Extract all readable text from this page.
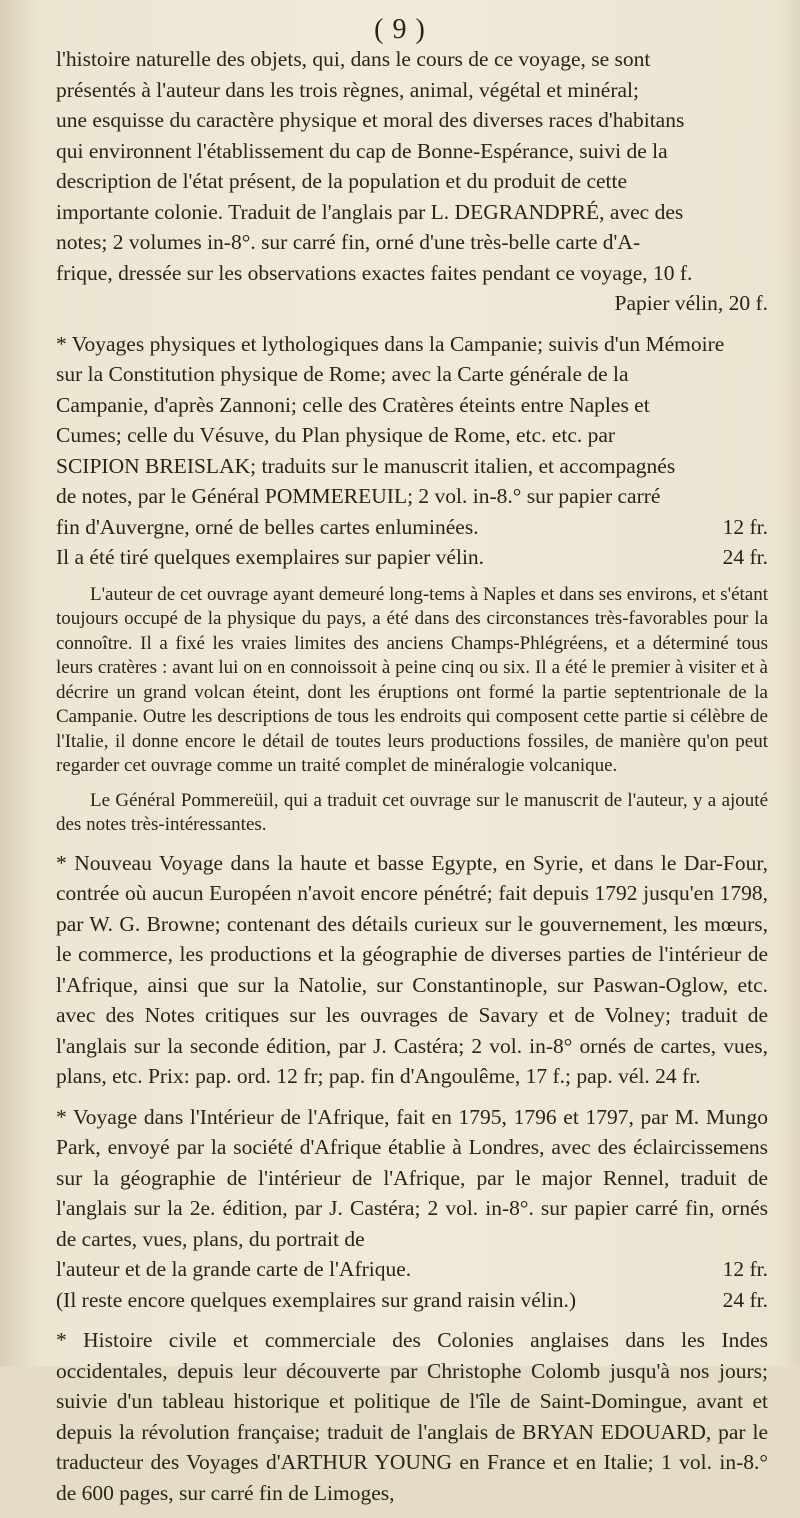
( 9 )

l'histoire naturelle des objets, qui, dans le cours de ce voyage, se sont

présentés à l'auteur dans les trois règnes, animal, végétal et minéral;

une esquisse du caractère physique et moral des diverses races d'habitans

qui environnent l'établissement du cap de Bonne-Espérance, suivi de la

description de l'état présent, de la population et du produit de cette

importante colonie. Traduit de l'anglais par L. DEGRANDPRÉ, avec des

notes; 2 volumes in-8°. sur carré fin, orné d'une très-belle carte d'A-

frique, dressée sur les observations exactes faites pendant ce voyage, 10 f.

Papier vélin, 20 f.

* Voyages physiques et lythologiques dans la Campanie; suivis d'un Mémoire

sur la Constitution physique de Rome; avec la Carte générale de la

Campanie, d'après Zannoni; celle des Cratères éteints entre Naples et

Cumes; celle du Vésuve, du Plan physique de Rome, etc. etc. par

SCIPION BREISLAK; traduits sur le manuscrit italien, et accompagnés

de notes, par le Général POMMEREUIL; 2 vol. in-8.° sur papier carré

fin d'Auvergne, orné de belles cartes enluminées.	12 fr.
Il a été tiré quelques exemplaires sur papier vélin.	24 fr.

L'auteur de cet ouvrage ayant demeuré long-tems à Naples et dans ses environs, et s'étant toujours occupé de la physique du pays, a été dans des circonstances très-favorables pour la connoître. Il a fixé les vraies limites des anciens Champs-Phlégréens, et a déterminé tous leurs cratères : avant lui on en connoissoit à peine cinq ou six. Il a été le premier à visiter et à décrire un grand volcan éteint, dont les éruptions ont formé la partie septentrionale de la Campanie. Outre les descriptions de tous les endroits qui composent cette partie si célèbre de l'Italie, il donne encore le détail de toutes leurs productions fossiles, de manière qu'on peut regarder cet ouvrage comme un traité complet de minéralogie volcanique.

Le Général Pommereüil, qui a traduit cet ouvrage sur le manuscrit de l'auteur, y a ajouté des notes très-intéressantes.

* Nouveau Voyage dans la haute et basse Egypte, en Syrie, et dans le Dar-Four, contrée où aucun Européen n'avoit encore pénétré; fait depuis 1792 jusqu'en 1798, par W. G. Browne; contenant des détails curieux sur le gouvernement, les mœurs, le commerce, les productions et la géographie de diverses parties de l'intérieur de l'Afrique, ainsi que sur la Natolie, sur Constantinople, sur Paswan-Oglow, etc. avec des Notes critiques sur les ouvrages de Savary et de Volney; traduit de l'anglais sur la seconde édition, par J. Castéra; 2 vol. in-8° ornés de cartes, vues, plans, etc. Prix: pap. ord. 12 fr; pap. fin d'Angoulême, 17 f.; pap. vél. 24 fr.

* Voyage dans l'Intérieur de l'Afrique, fait en 1795, 1796 et 1797, par M. Mungo Park, envoyé par la société d'Afrique établie à Londres, avec des éclaircissemens sur la géographie de l'intérieur de l'Afrique, par le major Rennel, traduit de l'anglais sur la 2e. édition, par J. Castéra; 2 vol. in-8°. sur papier carré fin, ornés de cartes, vues, plans, du portrait de

l'auteur et de la grande carte de l'Afrique.	12 fr.
(Il reste encore quelques exemplaires sur grand raisin vélin.)	24 fr.

* Histoire civile et commerciale des Colonies anglaises dans les Indes occidentales, depuis leur découverte par Christophe Colomb jusqu'à nos jours; suivie d'un tableau historique et politique de l'île de Saint-Domingue, avant et depuis la révolution française; traduit de l'anglais de BRYAN EDOUARD, par le traducteur des Voyages d'ARTHUR YOUNG en France et en Italie; 1 vol. in-8.° de 600 pages, sur carré fin de Limoges,
